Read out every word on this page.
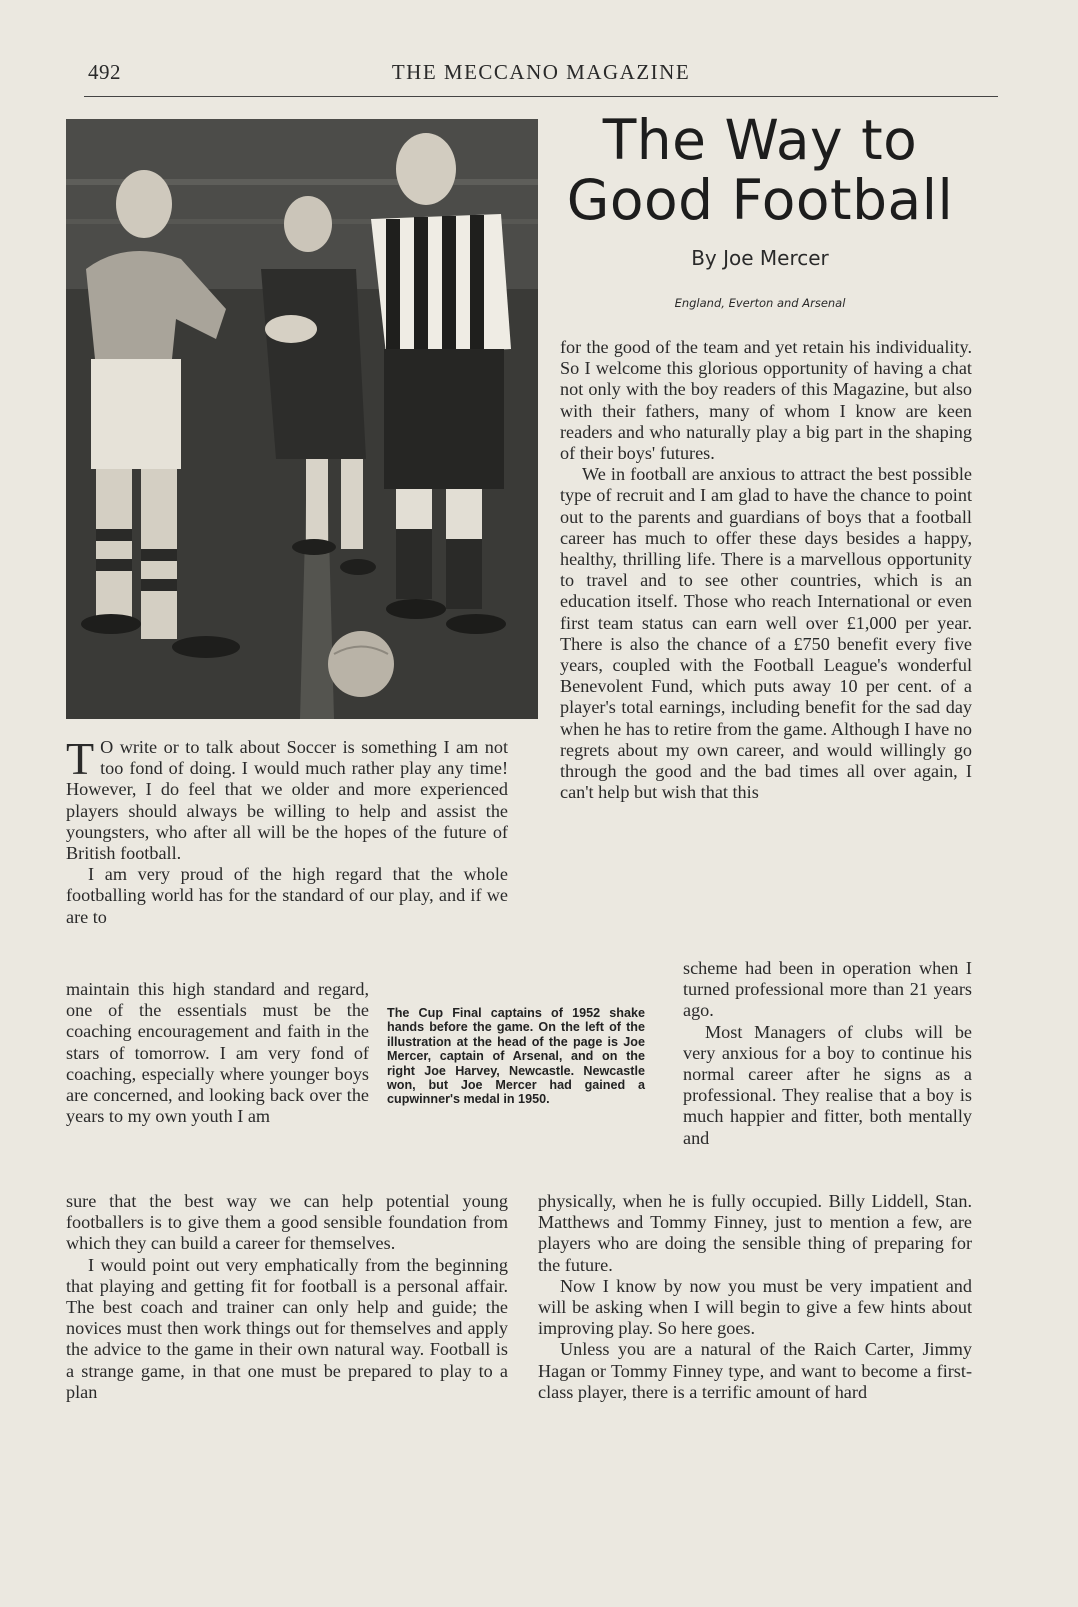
492	THE MECCANO MAGAZINE
The Way to
Good Football
By Joe Mercer
England, Everton and Arsenal

T O write or to talk about Soccer is something I am not too fond of doing. I would much rather play any time! However, I do feel that we older and more experienced players should always be willing to help and assist the youngsters, who after all will be the hopes of the future of British football.

I am very proud of the high regard that the whole footballing world has for the standard of our play, and if we are to

maintain this high standard and regard, one of the essentials must be the coaching encouragement and faith in the stars of tomorrow. I am very fond of coaching, especially where younger boys are concerned, and looking back over the years to my own youth I am

The Cup Final captains of 1952 shake hands before the game. On the left of the illustration at the head of the page is Joe Mercer, captain of Arsenal, and on the right Joe Harvey, Newcastle. Newcastle won, but Joe Mercer had gained a cupwinner's medal in 1950.

sure that the best way we can help potential young footballers is to give them a good sensible foundation from which they can build a career for themselves.

I would point out very emphatically from the beginning that playing and getting fit for football is a personal affair. The best coach and trainer can only help and guide; the novices must then work things out for themselves and apply the advice to the game in their own natural way. Football is a strange game, in that one must be prepared to play to a plan

for the good of the team and yet retain his individuality. So I welcome this glorious opportunity of having a chat not only with the boy readers of this Magazine, but also with their fathers, many of whom I know are keen readers and who naturally play a big part in the shaping of their boys' futures.

We in football are anxious to attract the best possible type of recruit and I am glad to have the chance to point out to the parents and guardians of boys that a football career has much to offer these days besides a happy, healthy, thrilling life. There is a marvellous opportunity to travel and to see other countries, which is an education itself. Those who reach International or even first team status can earn well over £1,000 per year. There is also the chance of a £750 benefit every five years, coupled with the Football League's wonderful Benevolent Fund, which puts away 10 per cent. of a player's total earnings, including benefit for the sad day when he has to retire from the game. Although I have no regrets about my own career, and would willingly go through the good and the bad times all over again, I can't help but wish that this

scheme had been in operation when I turned professional more than 21 years ago.

Most Managers of clubs will be very anxious for a boy to continue his normal career after he signs as a professional. They realise that a boy is much happier and fitter, both mentally and

physically, when he is fully occupied. Billy Liddell, Stan. Matthews and Tommy Finney, just to mention a few, are players who are doing the sensible thing of preparing for the future.

Now I know by now you must be very impatient and will be asking when I will begin to give a few hints about improving play. So here goes.

Unless you are a natural of the Raich Carter, Jimmy Hagan or Tommy Finney type, and want to become a first-class player, there is a terrific amount of hard
